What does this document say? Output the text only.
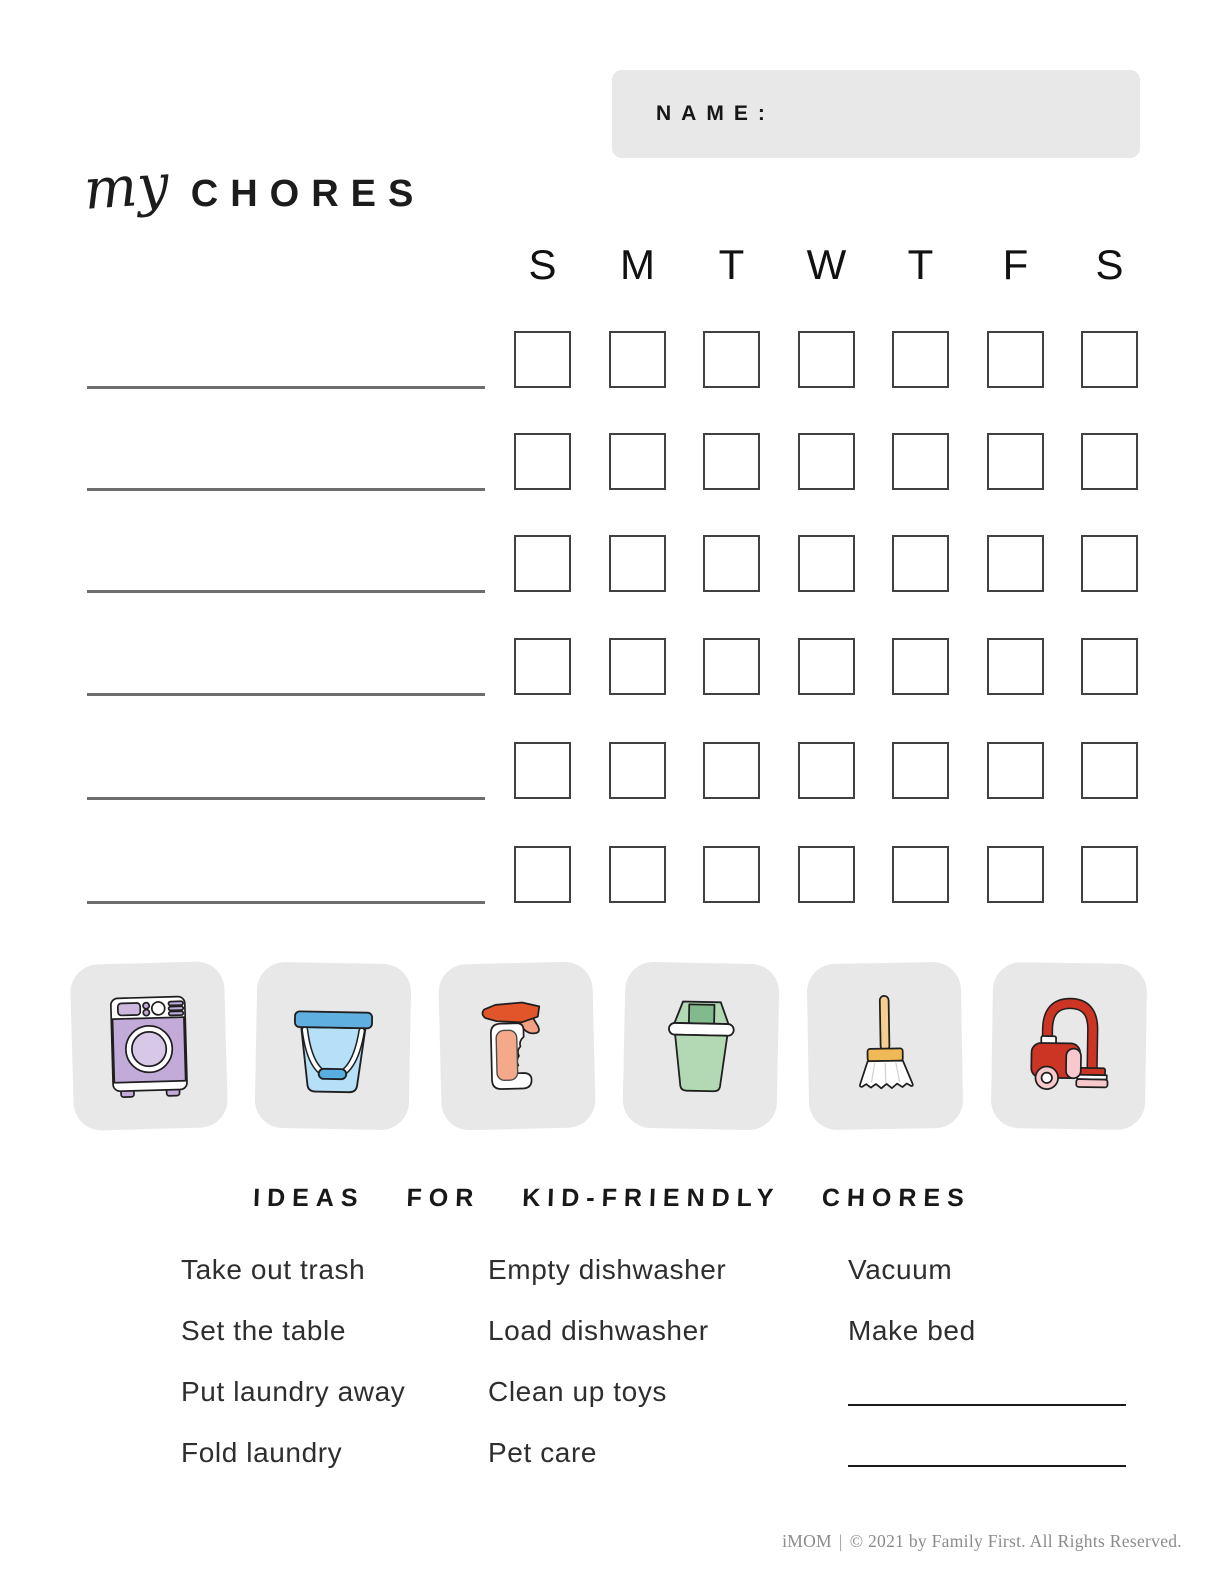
NAME:
my CHORES
S	M	T	W	T	F	S
IDEAS FOR KID-FRIENDLY CHORES
Take out trash
Set the table
Put laundry away
Fold laundry
Empty dishwasher
Load dishwasher
Clean up toys
Pet care
Vacuum
Make bed
iMOM | © 2021 by Family First. All Rights Reserved.
